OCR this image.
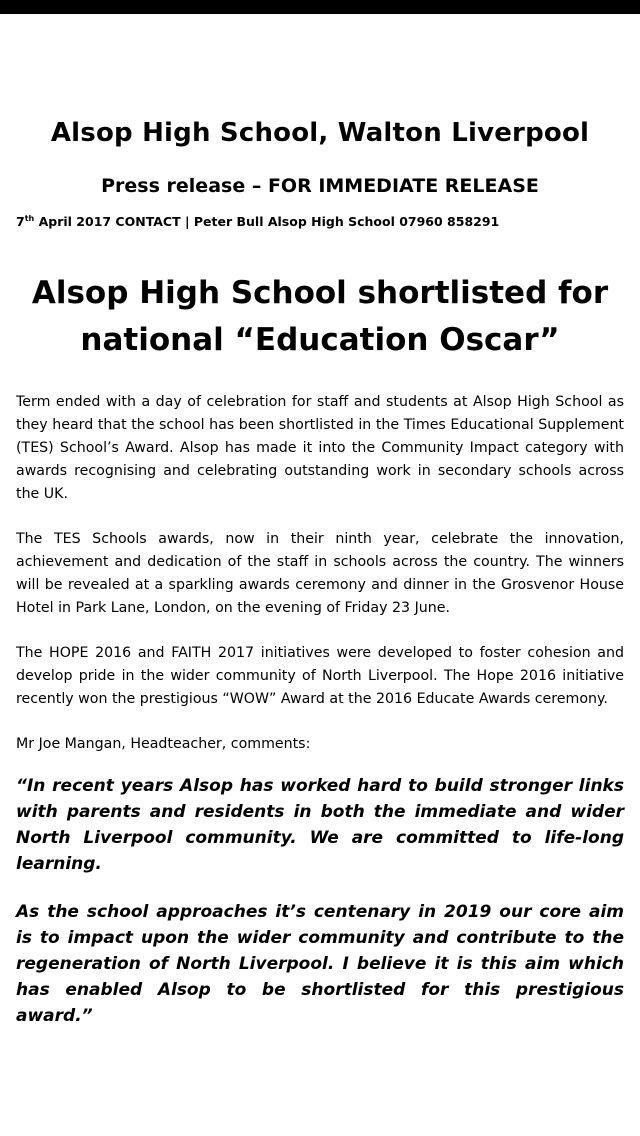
Alsop High School, Walton Liverpool
Press release – FOR IMMEDIATE RELEASE
7th April 2017 CONTACT | Peter Bull Alsop High School 07960 858291
Alsop High School shortlisted for
national “Education Oscar”

Term ended with a day of celebration for staff and students at Alsop High School as they heard that the school has been shortlisted in the Times Educational Supplement (TES) School’s Award. Alsop has made it into the Community Impact category with awards recognising and celebrating outstanding work in secondary schools across the UK.

The TES Schools awards, now in their ninth year, celebrate the innovation, achievement and dedication of the staff in schools across the country. The winners will be revealed at a sparkling awards ceremony and dinner in the Grosvenor House Hotel in Park Lane, London, on the evening of Friday 23 June.

The HOPE 2016 and FAITH 2017 initiatives were developed to foster cohesion and develop pride in the wider community of North Liverpool. The Hope 2016 initiative recently won the prestigious “WOW” Award at the 2016 Educate Awards ceremony.

Mr Joe Mangan, Headteacher, comments:

“In recent years Alsop has worked hard to build stronger links with parents and residents in both the immediate and wider North Liverpool community. We are committed to life-long learning.

As the school approaches it’s centenary in 2019 our core aim is to impact upon the wider community and contribute to the regeneration of North Liverpool. I believe it is this aim which has enabled Alsop to be shortlisted for this prestigious award.”
